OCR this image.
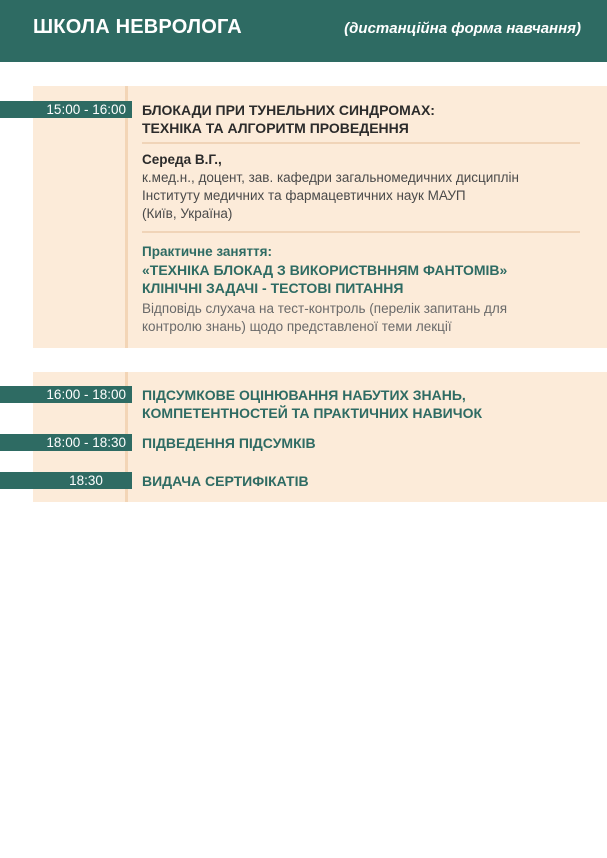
ШКОЛА НЕВРОЛОГА	(дистанційна форма навчання)
15:00 - 16:00	БЛОКАДИ ПРИ ТУНЕЛЬНИХ СИНДРОМАХ:
ТЕХНІКА ТА АЛГОРИТМ ПРОВЕДЕННЯ
Середа В.Г.,
к.мед.н., доцент, зав. кафедри загальномедичних дисциплін
Інституту медичних та фармацевтичних наук МАУП
(Київ, Україна)
Практичне заняття:
«ТЕХНІКА БЛОКАД З ВИКОРИСТВННЯМ ФАНТОМІВ»
КЛІНІЧНІ ЗАДАЧІ - ТЕСТОВІ ПИТАННЯ
Відповідь слухача на тест-контроль (перелік запитань для
контролю знань) щодо представленої теми лекції
16:00 - 18:00	ПІДСУМКОВЕ ОЦІНЮВАННЯ НАБУТИХ ЗНАНЬ,
КОМПЕТЕНТНОСТЕЙ ТА ПРАКТИЧНИХ НАВИЧОК
18:00 - 18:30	ПІДВЕДЕННЯ ПІДСУМКІВ
18:30	ВИДАЧА СЕРТИФІКАТІВ
